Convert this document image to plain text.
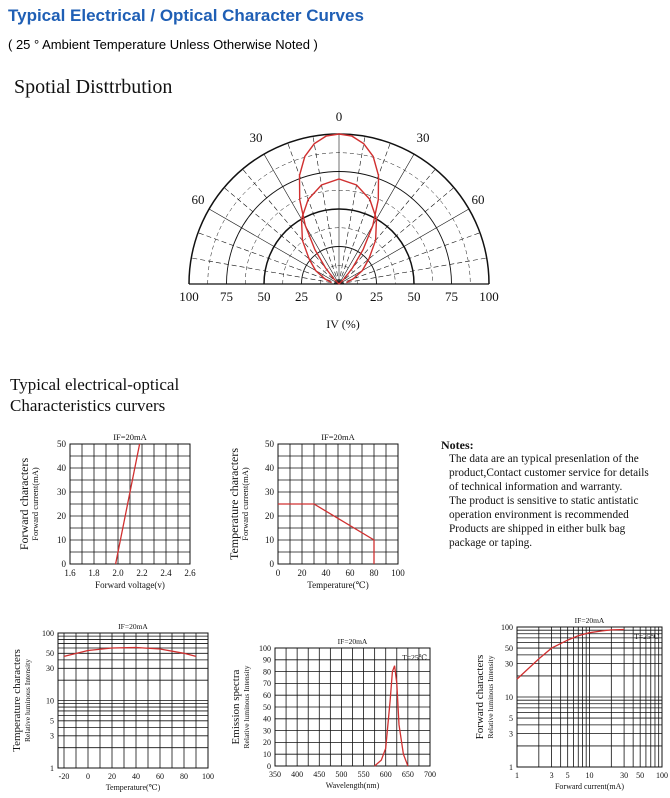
Typical Electrical / Optical Character Curves
( 25 ° Ambient Temperature Unless Otherwise Noted )
Spotial Disttrbution
0
30	30
60	60
100 75 50 25 0 25 50 75 100
IV (%)
Typical electrical-optical
Characteristics curvers
Notes:

The data are an typical presenlation of the product,Contact customer service for details of technical information and warranty.

The product is sensitive to static antistatic operation environment is recommended

Products are shipped in either bulk bag package or taping.

1.6 1.8 2.0 2.2 2.4 2.6
0
10
20
30
40
50
IF=20mA
Forward voltage(v)
Forward characters Forward current(mA)
0 20 40 60 80 100
0
10
20
30
40
50
IF=20mA
Temperature(℃)
Temperature characters Forward current(mA)
-20 0 20 40 60 80 100
1
3
5
10
30
50
100
IF=20mA
Temperature(℃)
Temperature characters Relative luminous Intensity
350 400 450 500 550 600 650 700
0
10
20
30
40
50
60
70
80
90
100
IF=20mA
Wavelength(nm)
Emission spectra Relative luminous Intensity
T=25℃
1	3 5 10	30 50 100
1
3
5
10
30
50
100
IF=20mA
Forward current(mA)
Forward characters Relative luminous Intensity
T=25℃
